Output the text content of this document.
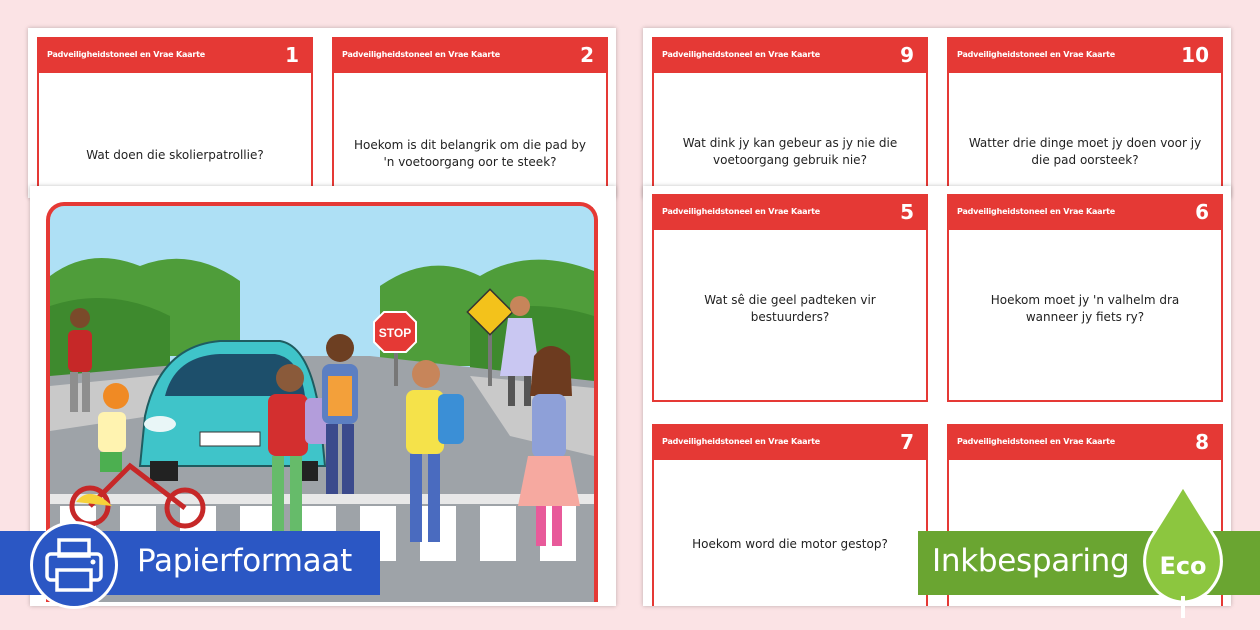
Padveiligheidstoneel en Vrae Kaarte	1
Wat doen die skolierpatrollie?
Padveiligheidstoneel en Vrae Kaarte	2
Hoekom is dit belangrik om die pad by 'n voetoorgang oor te steek?
STOP
Padveiligheidstoneel en Vrae Kaarte	9
Wat dink jy kan gebeur as jy nie die voetoorgang gebruik nie?
Padveiligheidstoneel en Vrae Kaarte	10
Watter drie dinge moet jy doen voor jy die pad oorsteek?
Padveiligheidstoneel en Vrae Kaarte	5
Wat sê die geel padteken vir bestuurders?
Padveiligheidstoneel en Vrae Kaarte	6
Hoekom moet jy 'n valhelm dra wanneer jy fiets ry?
Padveiligheidstoneel en Vrae Kaarte	7
Hoekom word die motor gestop?
Padveiligheidstoneel en Vrae Kaarte	8
Papierformaat	Inkbesparing Eco
